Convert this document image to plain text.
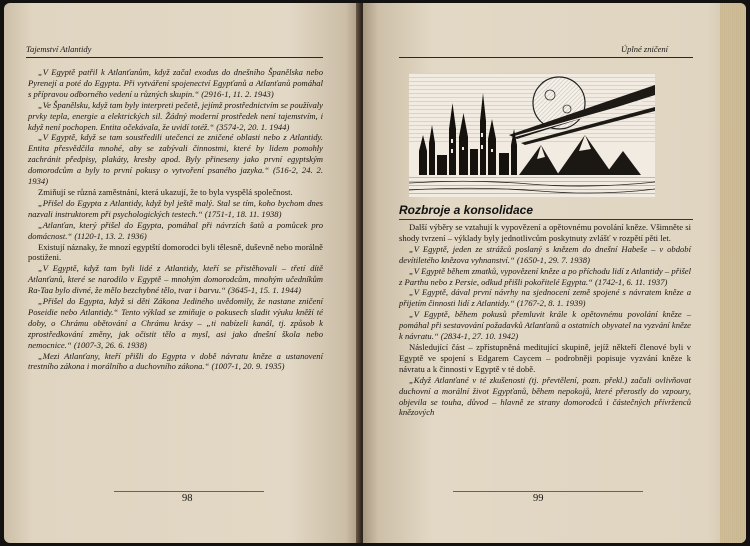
Tajemství Atlantidy

„V Egyptě patřil k Atlanťanům, když začal exodus do dnešního Španělska nebo Pyrenejí a poté do Egypta. Při vytváření spojenectví Egypťanů a Atlanťanů pomáhal s přípravou odborného vedení u různých skupin.“ (2916-1, 11. 2. 1943)

„Ve Španělsku, když tam byly interpreti pečetě, jejímž prostřednictvím se používaly prvky tepla, energie a elektrických sil. Žádný moderní prostředek není tajemstvím, i když není pochopen. Entita očekávala, že uvidí totéž.“ (3574-2, 20. 1. 1944)

„V Egyptě, když se tam soustředili utečenci ze zničené oblasti nebo z Atlantidy. Entita přesvědčila mnohé, aby se zabývali činnostmi, které by lidem pomohly zachránit předpisy, plakáty, kresby apod. Byly přineseny jako první egyptským domorodcům a byly to první pokusy o vytvoření psaného jazyka.“ (516-2, 24. 2. 1934)

Zmiňují se různá zaměstnání, která ukazují, že to byla vyspělá společnost.

„Přišel do Egypta z Atlantidy, když byl ještě malý. Stal se tím, koho bychom dnes nazvali instruktorem při psychologických testech.“ (1751-1, 18. 11. 1938)

„Atlanťan, který přišel do Egypta, pomáhal při návrzích šatů a pomůcek pro domácnost.“ (1120-1, 13. 2. 1936)

Existují náznaky, že mnozí egyptští domorodci byli tělesně, duševně nebo morálně postiženi.

„V Egyptě, když tam byli lidé z Atlantidy, kteří se přistěhovali – třetí dítě Atlanťanů, které se narodilo v Egyptě – mnohým domorodcům, mnohým učedníkům Ra-Taa bylo divné, že mělo bezchybné tělo, tvar i barvu.“ (3645-1, 15. 1. 1944)

„Přišel do Egypta, když si děti Zákona Jediného uvědomily, že nastane zničení Poseidie nebo Atlantidy.“ Tento výklad se zmiňuje o pokusech sladit výuku kněží té doby, o Chrámu obětování a Chrámu krásy – „ti nabízeli kanál, tj. způsob k zprostředkování změny, jak očistit tělo a mysl, asi jako dnešní škola nebo nemocnice.“ (1007-3, 26. 6. 1938)

„Mezi Atlanťany, kteří přišli do Egypta v době návratu kněze a ustanovení trestního zákona i morálního a duchovního zákona.“ (1007-1, 20. 9. 1935)

98
Úplné zničení
Rozbroje a konsolidace

Další výběry se vztahují k vypovězení a opětovnému povolání kněze. Všimněte si shody tvrzení – výklady byly jednotlivcům poskytnuty zvlášť v rozpětí pěti let.

„V Egyptě, jeden ze strážců poslaný s knězem do dnešní Habeše – v období devítiletého knězova vyhnanství.“ (1650-1, 29. 7. 1938)

„V Egyptě během zmatků, vypovězení kněze a po příchodu lidí z Atlantidy – přišel z Parthu nebo z Persie, odkud přišli pokořitelé Egypta.“ (1742-1, 6. 11. 1937)

„V Egyptě, dával první návrhy na sjednocení země spojené s návratem kněze a přijetím činnosti lidí z Atlantidy.“ (1767-2, 8. 1. 1939)

„V Egyptě, během pokusů přemluvit krále k opětovnému povolání kněze – pomáhal při sestavování požadavků Atlanťanů a ostatních obyvatel na vyzvání kněze k návratu.“ (2834-1, 27. 10. 1942)

Následující část – zpřístupněná meditující skupině, jejíž někteří členové byli v Egyptě ve spojení s Edgarem Caycem – podrobněji popisuje vyzvání kněze k návratu a k činnosti v Egyptě v té době.

„Když Atlanťané v té zkušenosti (tj. převtělení, pozn. překl.) začali ovlivňovat duchovní a morální život Egypťanů, během nepokojů, které přerostly do vzpoury, objevila se touha, důvod – hlavně ze strany domorodců i částečných přívrženců knězových

99
